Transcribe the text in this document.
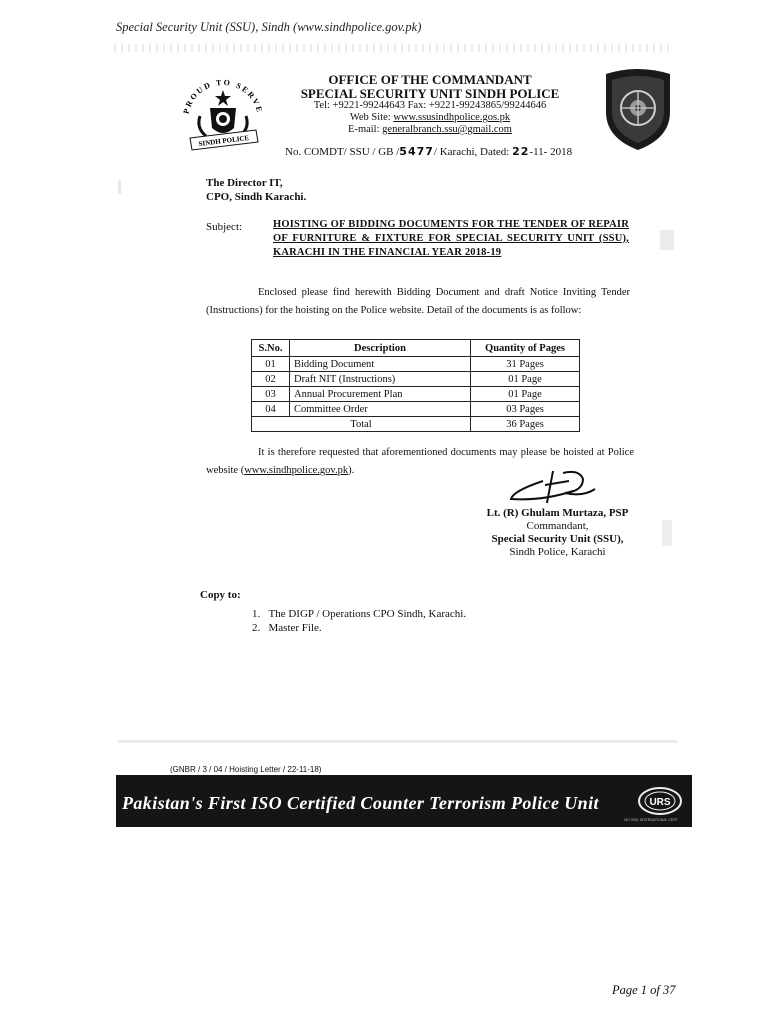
Special Security Unit (SSU), Sindh (www.sindhpolice.gov.pk)
PROUD TO SERVE
SINDH POLICE
OFFICE OF THE COMMANDANT
SPECIAL SECURITY UNIT SINDH POLICE
Tel: +9221-99244643 Fax: +9221-99243865/99244646
Web Site: www.ssusindhpolice.gos.pk
E-mail: generalbranch.ssu@gmail.com
No. COMDT/ SSU / GB /5477/ Karachi, Dated: 22-11- 2018
The Director IT,
CPO, Sindh Karachi.
Subject:	HOISTING OF BIDDING DOCUMENTS FOR THE TENDER OF REPAIR OF FURNITURE & FIXTURE FOR SPECIAL SECURITY UNIT (SSU), KARACHI IN THE FINANCIAL YEAR 2018-19
Enclosed please find herewith Bidding Document and draft Notice Inviting Tender (Instructions) for the hoisting on the Police website. Detail of the documents is as follow:
S.No.	Description	Quantity of Pages
01	Bidding Document	31 Pages
02	Draft NIT (Instructions)	01 Page
03	Annual Procurement Plan	01 Page
04	Committee Order	03 Pages
Total		36 Pages
It is therefore requested that aforementioned documents may please be hoisted at Police website (www.sindhpolice.gov.pk).
Lt. (R) Ghulam Murtaza, PSP
Commandant,
Special Security Unit (SSU),
Sindh Police, Karachi
Copy to:
1.   The DIGP / Operations CPO Sindh, Karachi.
2.   Master File.
(GNBR / 3 / 04 / Hoisting Letter / 22-11-18)
Pakistan's First ISO Certified Counter Terrorism Police Unit	URS
ISO 9001 INTERNATIONAL CERT
Page 1 of 37
